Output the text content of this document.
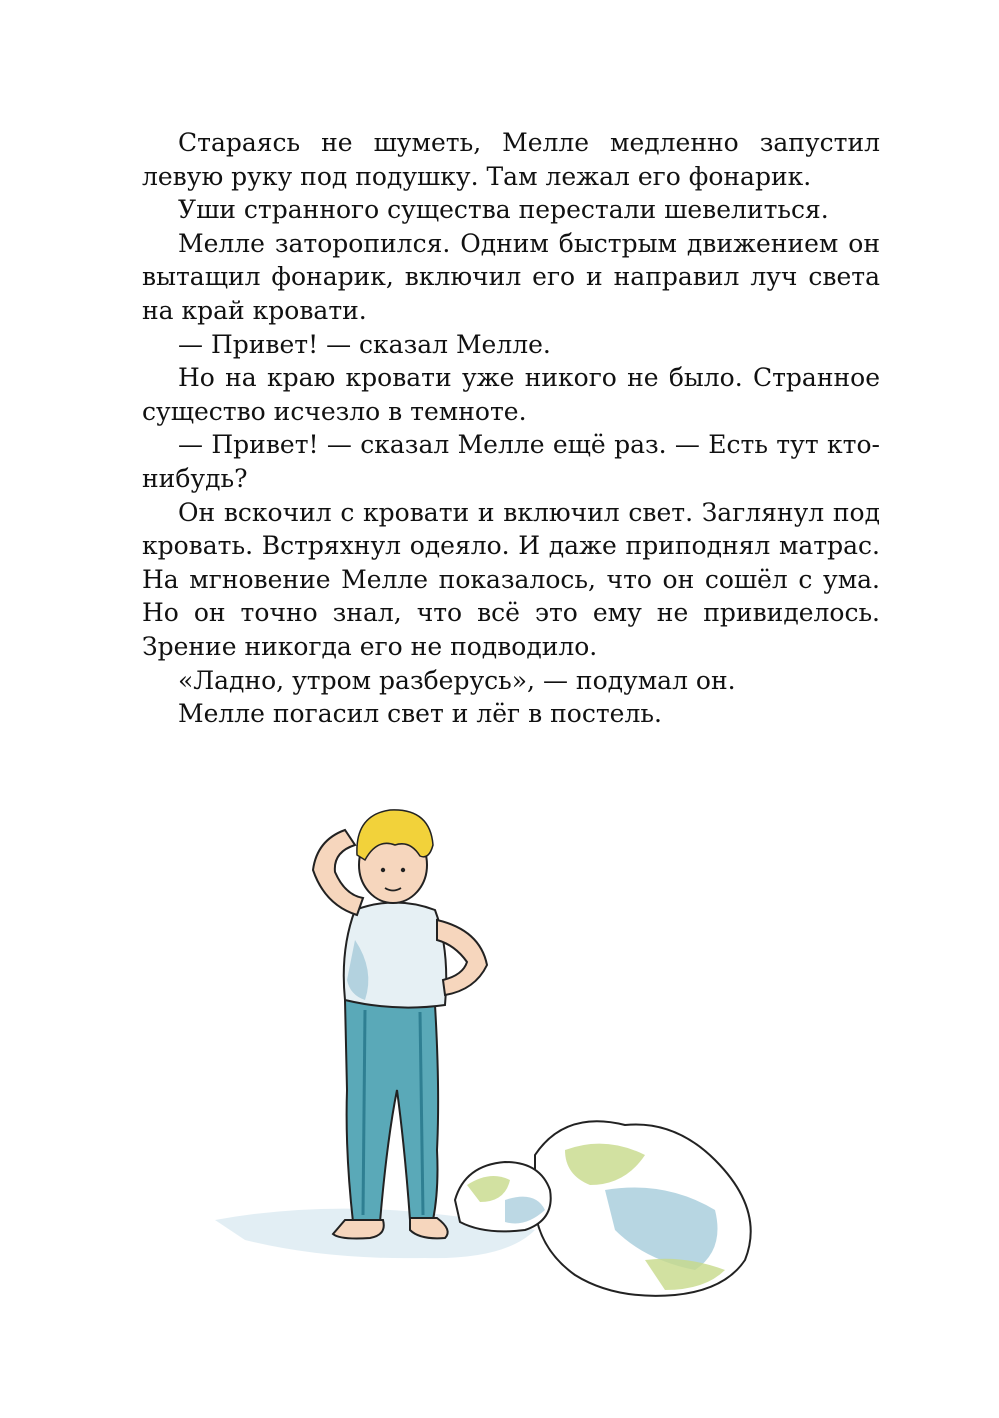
Стараясь не шуметь, Мелле медленно запустил левую руку под подушку. Там лежал его фонарик.

Уши странного существа перестали шевелиться.

Мелле заторопился. Одним быстрым движением он вытащил фонарик, включил его и направил луч света на край кровати.

— Привет! — сказал Мелле.

Но на краю кровати уже никого не было. Странное существо исчезло в темноте.

— Привет! — сказал Мелле ещё раз. — Есть тут кто-нибудь?

Он вскочил с кровати и включил свет. Заглянул под кровать. Встряхнул одеяло. И даже приподнял матрас. На мгновение Мелле показалось, что он сошёл с ума. Но он точно знал, что всё это ему не привиделось. Зрение никогда его не подводило.

«Ладно, утром разберусь», — подумал он.

Мелле погасил свет и лёг в постель.
